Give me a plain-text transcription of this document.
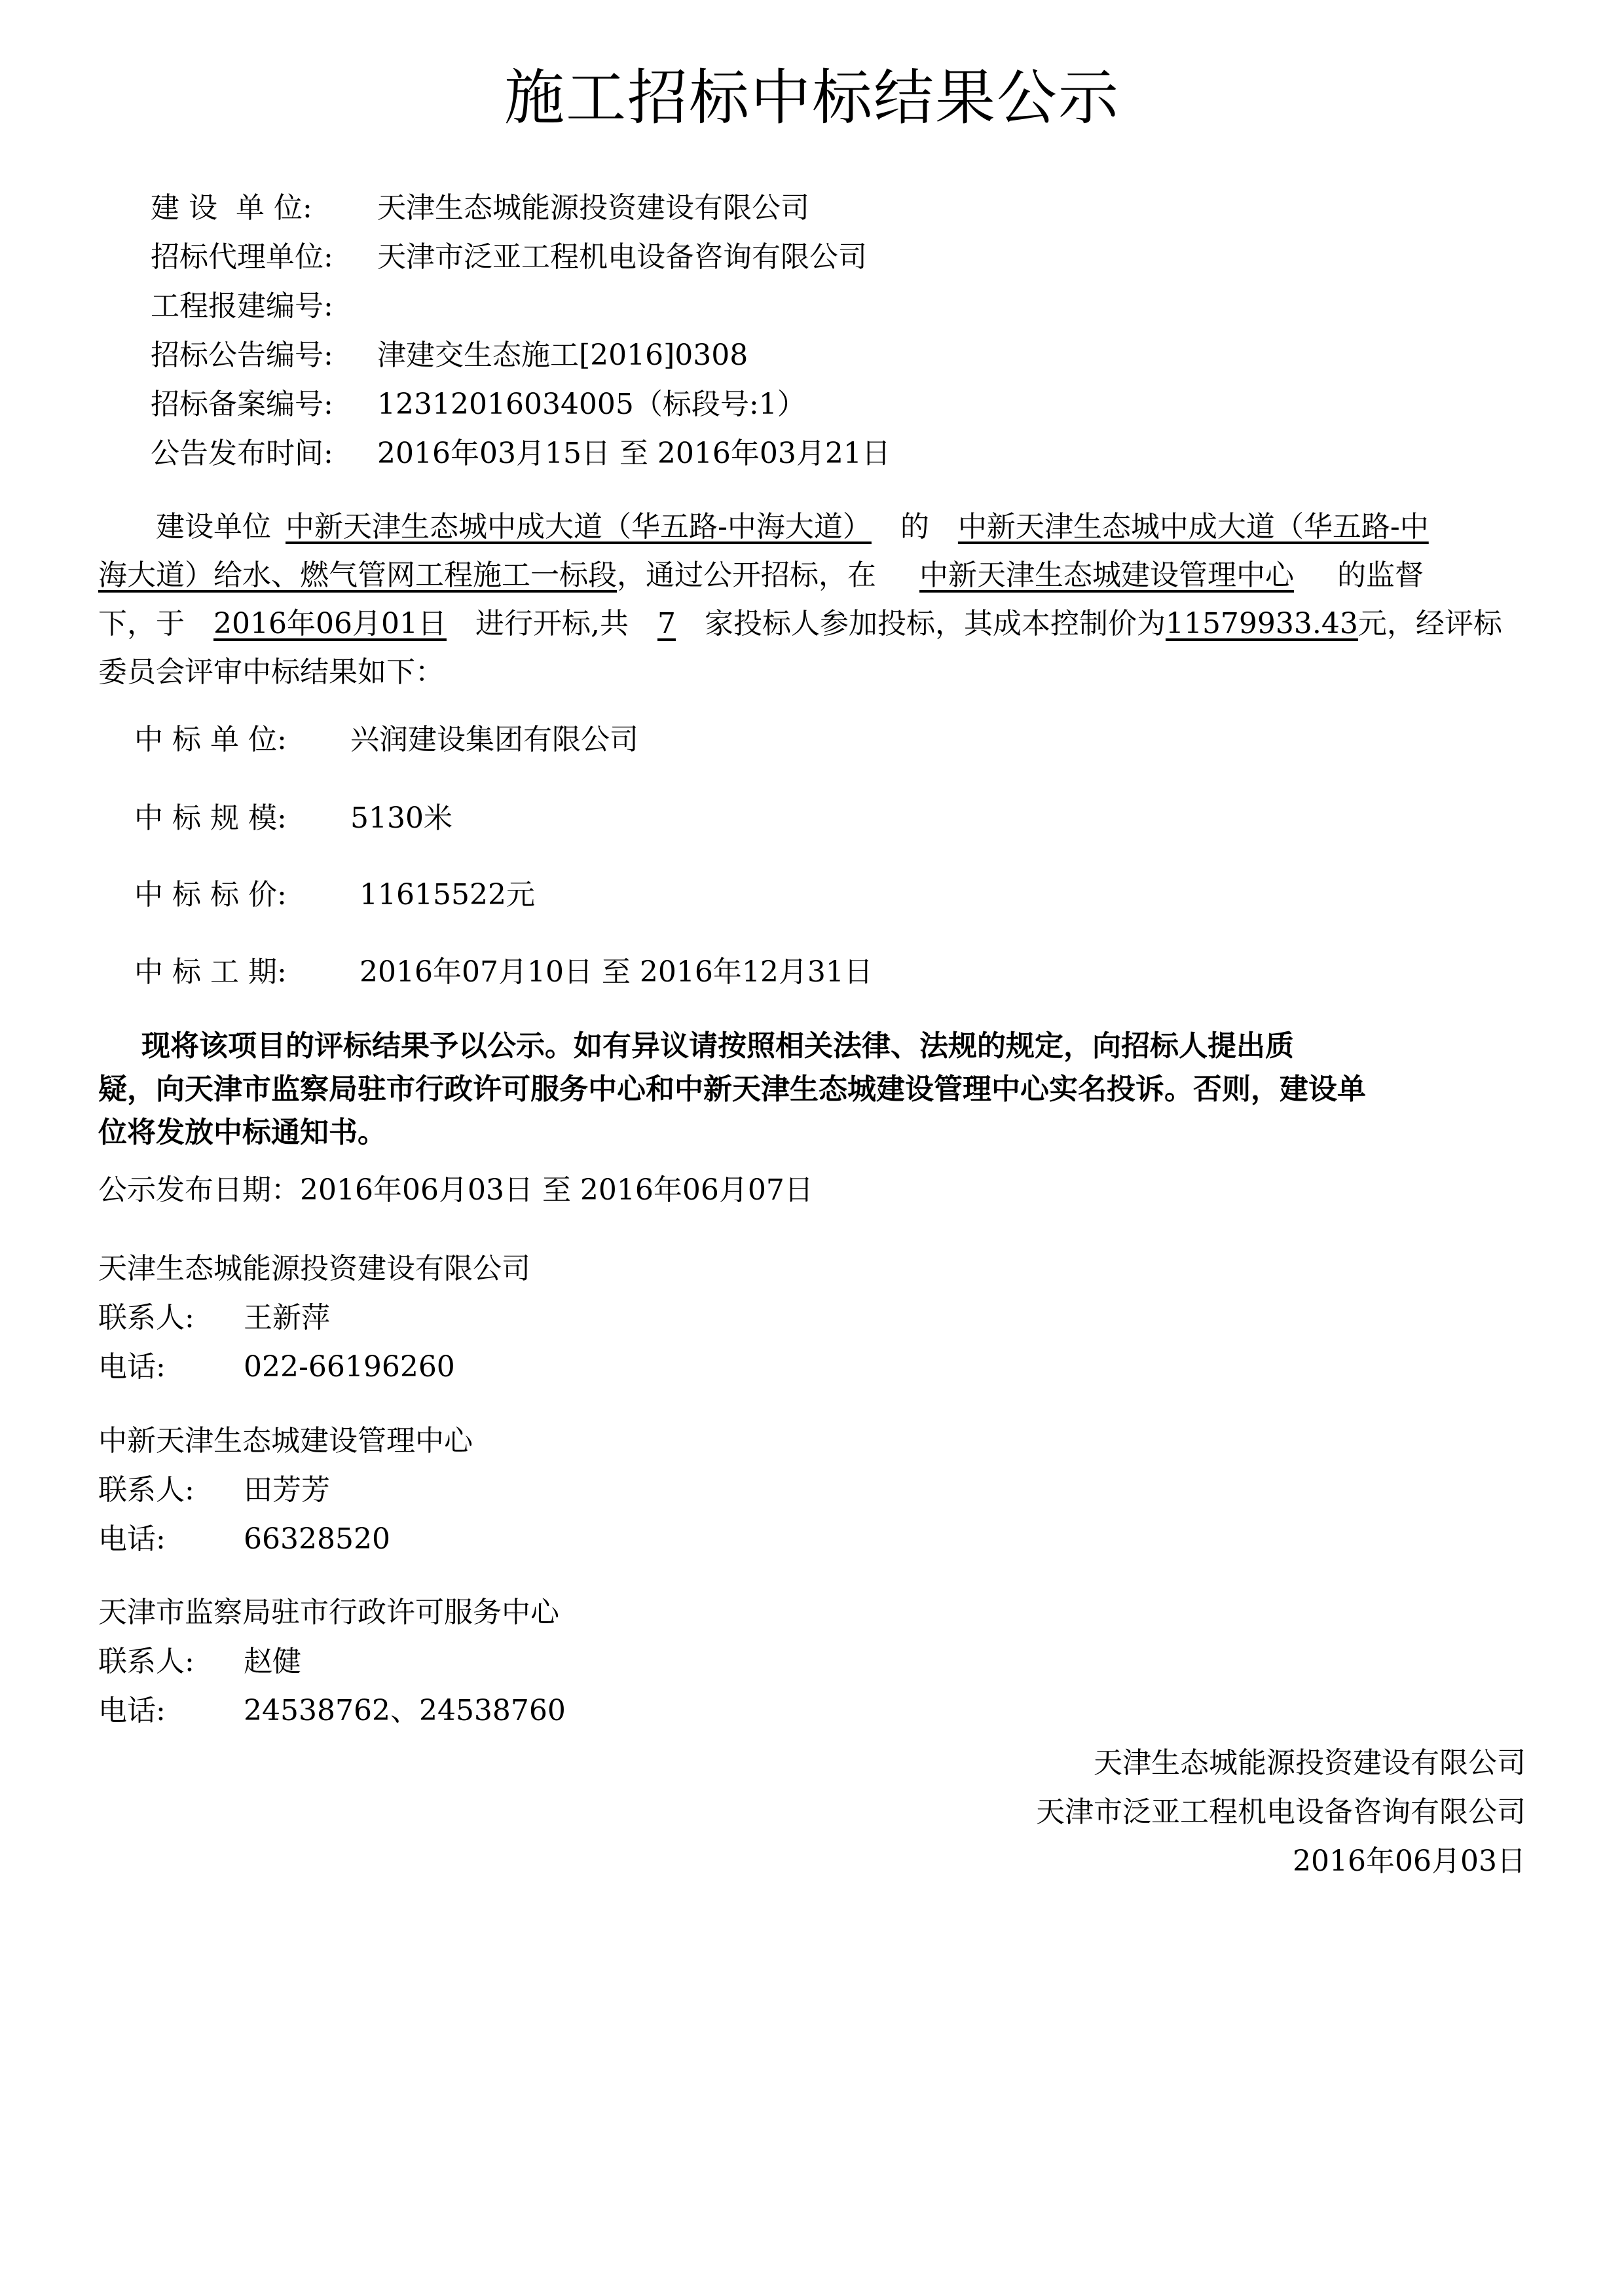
施工招标中标结果公示
建 设  单 位: 天津生态城能源投资建设有限公司
招标代理单位: 天津市泛亚工程机电设备咨询有限公司
工程报建编号:
招标公告编号: 津建交生态施工[2016]0308
招标备案编号: 12312016034005（标段号:1）
公告发布时间: 2016年03月15日 至 2016年03月21日
　　建设单位  中新天津生态城中成大道（华五路-中海大道）   的   中新天津生态城中成大道（华五路-中
海大道）给水、燃气管网工程施工一标段，通过公开招标，在　  中新天津生态城建设管理中心　  的监督
下，于　 2016年06月01日   进行开标,共   7   家投标人参加投标，其成本控制价为11579933.43元，经评标
委员会评审中标结果如下：
中 标 单 位: 兴润建设集团有限公司
中 标 规 模: 5130米
中 标 标 价: 11615522元
中 标 工 期: 2016年07月10日 至 2016年12月31日
　 现将该项目的评标结果予以公示。如有异议请按照相关法律、法规的规定，向招标人提出质
疑，向天津市监察局驻市行政许可服务中心和中新天津生态城建设管理中心实名投诉。否则，建设单
位将发放中标通知书。
公示发布日期：2016年06月03日 至 2016年06月07日
天津生态城能源投资建设有限公司
联系人: 王新萍
电话:	022-66196260
中新天津生态城建设管理中心
联系人: 田芳芳
电话:	66328520
天津市监察局驻市行政许可服务中心
联系人: 赵健
电话:	24538762、24538760
天津生态城能源投资建设有限公司
天津市泛亚工程机电设备咨询有限公司
2016年06月03日
